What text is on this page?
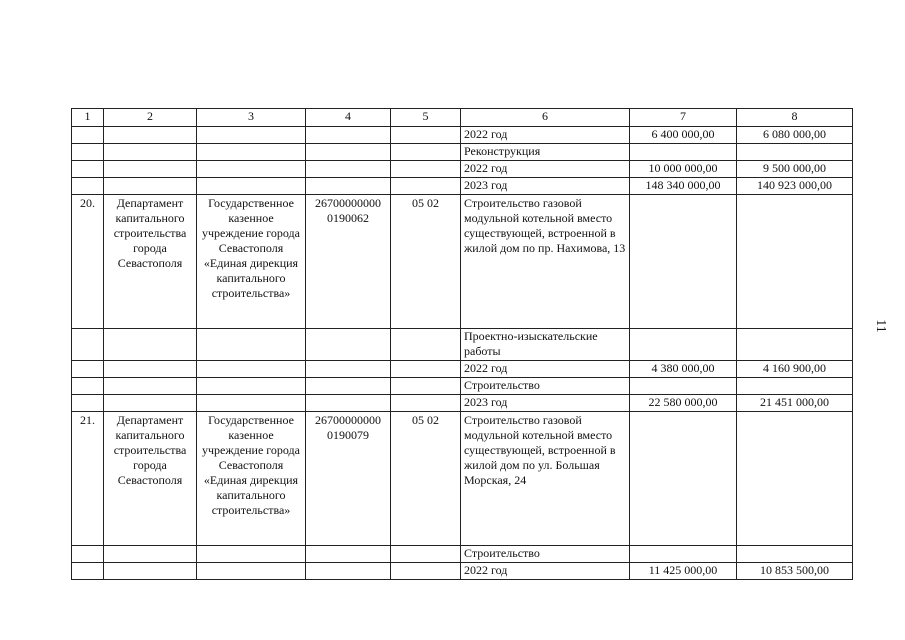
1	2	3	4	5	6	7	8
					2022 год	6 400 000,00	6 080 000,00
					Реконструкция		
					2022 год	10 000 000,00	9 500 000,00
					2023 год	148 340 000,00	140 923 000,00
20.	Департамент капитального строительства города Севастополя	Государственное казенное учреждение города Севастополя «Единая дирекция капитального строительства»	26700000000 0190062	05 02	Строительство газовой модульной котельной вместо существующей, встроенной в жилой дом по пр. Нахимова, 13		
					Проектно-изыскательские работы		
					2022 год	4 380 000,00	4 160 900,00
					Строительство		
					2023 год	22 580 000,00	21 451 000,00
21.	Департамент капитального строительства города Севастополя	Государственное казенное учреждение города Севастополя «Единая дирекция капитального строительства»	26700000000 0190079	05 02	Строительство газовой модульной котельной вместо существующей, встроенной в жилой дом по ул. Большая Морская, 24		
					Строительство		
					2022 год	11 425 000,00	10 853 500,00
11
